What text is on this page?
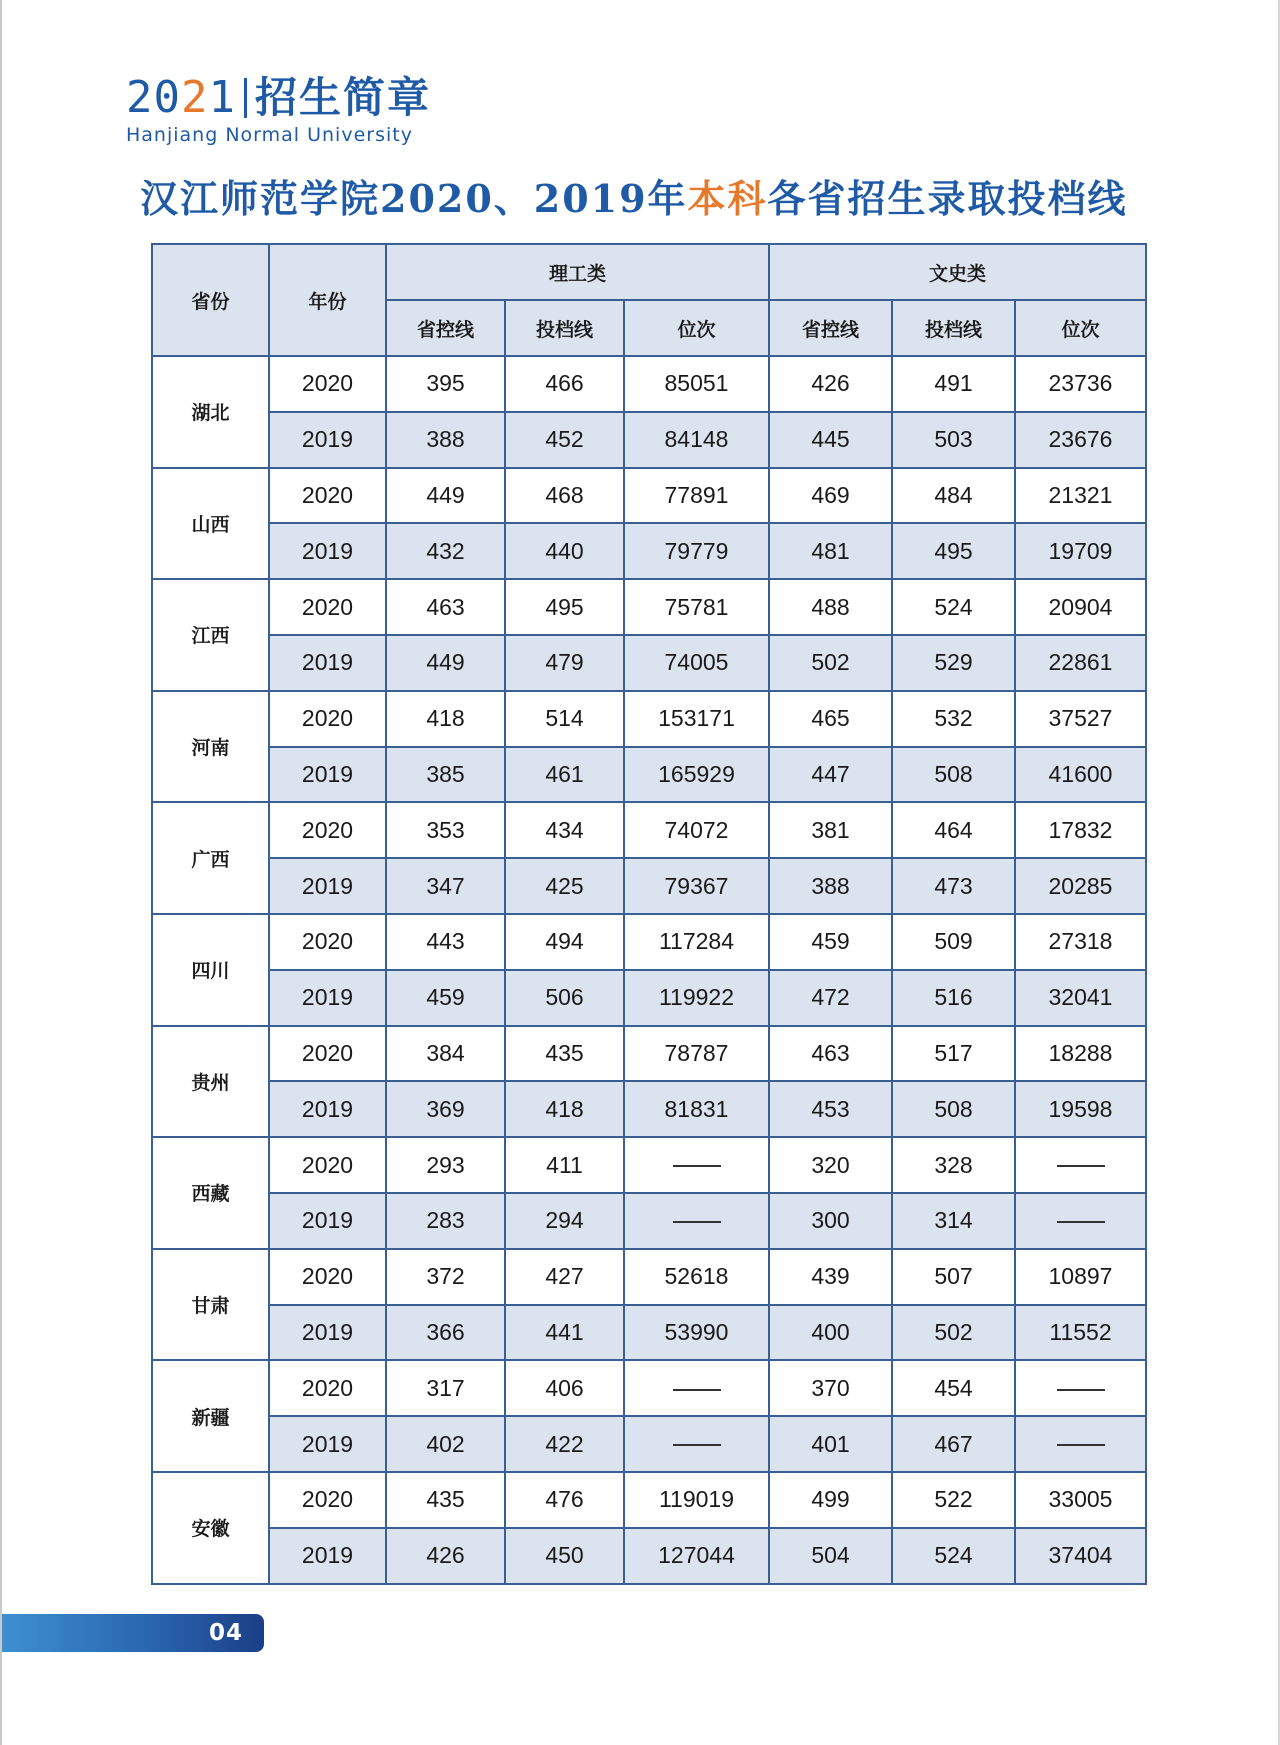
2021 招生简章
Hanjiang Normal University
汉江师范学院2020、2019年本科各省招生录取投档线
省份	年份	理工类			文史类		
		省控线	投档线	位次	省控线	投档线	位次
湖北	2020	395	466	85051	426	491	23736
	2019	388	452	84148	445	503	23676
山西	2020	449	468	77891	469	484	21321
	2019	432	440	79779	481	495	19709
江西	2020	463	495	75781	488	524	20904
	2019	449	479	74005	502	529	22861
河南	2020	418	514	153171	465	532	37527
	2019	385	461	165929	447	508	41600
广西	2020	353	434	74072	381	464	17832
	2019	347	425	79367	388	473	20285
四川	2020	443	494	117284	459	509	27318
	2019	459	506	119922	472	516	32041
贵州	2020	384	435	78787	463	517	18288
	2019	369	418	81831	453	508	19598
西藏	2020	293	411		320	328	
	2019	283	294		300	314	
甘肃	2020	372	427	52618	439	507	10897
	2019	366	441	53990	400	502	11552
新疆	2020	317	406		370	454	
	2019	402	422		401	467	
安徽	2020	435	476	119019	499	522	33005
	2019	426	450	127044	504	524	37404
04
